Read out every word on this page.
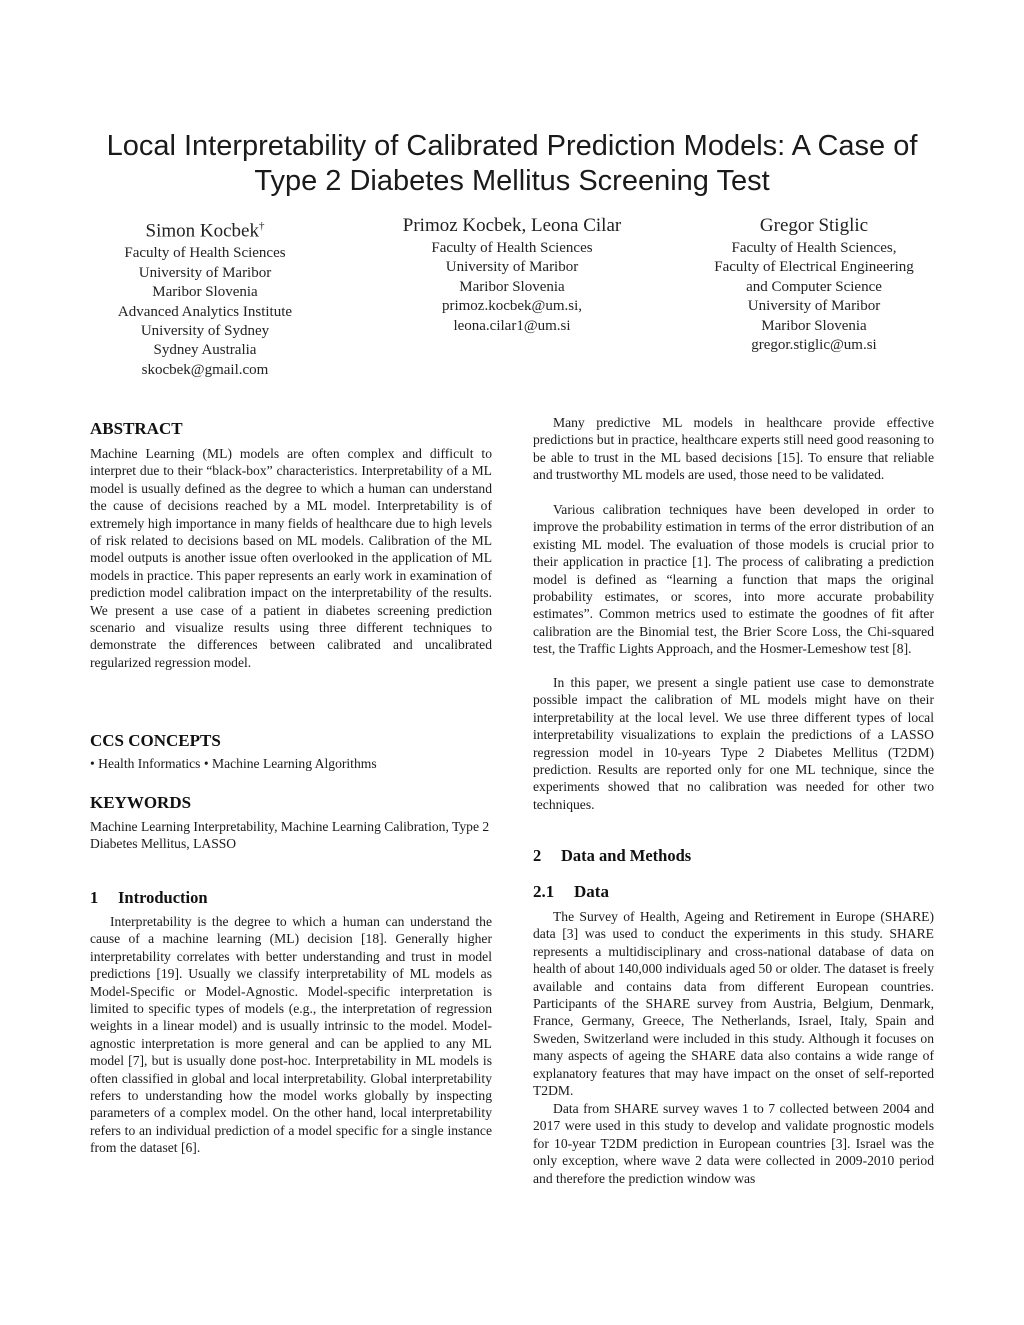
Local Interpretability of Calibrated Prediction Models: A Case of
Type 2 Diabetes Mellitus Screening Test
Simon Kocbek†
Faculty of Health Sciences
University of Maribor
Maribor Slovenia
Advanced Analytics Institute
University of Sydney
Sydney Australia
skocbek@gmail.com
Primoz Kocbek, Leona Cilar
Faculty of Health Sciences
University of Maribor
Maribor Slovenia
primoz.kocbek@um.si,
leona.cilar1@um.si
Gregor Stiglic
Faculty of Health Sciences,
Faculty of Electrical Engineering
and Computer Science
University of Maribor
Maribor Slovenia
gregor.stiglic@um.si
ABSTRACT

Machine Learning (ML) models are often complex and difficult to interpret due to their “black-box” characteristics. Interpretability of a ML model is usually defined as the degree to which a human can understand the cause of decisions reached by a ML model. Interpretability is of extremely high importance in many fields of healthcare due to high levels of risk related to decisions based on ML models. Calibration of the ML model outputs is another issue often overlooked in the application of ML models in practice. This paper represents an early work in examination of prediction model calibration impact on the interpretability of the results. We present a use case of a patient in diabetes screening prediction scenario and visualize results using three different techniques to demonstrate the differences between calibrated and uncalibrated regularized regression model.

CCS CONCEPTS

• Health Informatics • Machine Learning Algorithms

KEYWORDS

Machine Learning Interpretability, Machine Learning Calibration, Type 2 Diabetes Mellitus, LASSO

1 Introduction

Interpretability is the degree to which a human can understand the cause of a machine learning (ML) decision [18]. Generally higher interpretability correlates with better understanding and trust in model predictions [19]. Usually we classify interpretability of ML models as Model-Specific or Model-Agnostic. Model-specific interpretation is limited to specific types of models (e.g., the interpretation of regression weights in a linear model) and is usually intrinsic to the model. Model-agnostic interpretation is more general and can be applied to any ML model [7], but is usually done post-hoc. Interpretability in ML models is often classified in global and local interpretability. Global interpretability refers to understanding how the model works globally by inspecting parameters of a complex model. On the other hand, local interpretability refers to an individual prediction of a model specific for a single instance from the dataset [6].

Many predictive ML models in healthcare provide effective predictions but in practice, healthcare experts still need good reasoning to be able to trust in the ML based decisions [15]. To ensure that reliable and trustworthy ML models are used, those need to be validated.

Various calibration techniques have been developed in order to improve the probability estimation in terms of the error distribution of an existing ML model. The evaluation of those models is crucial prior to their application in practice [1]. The process of calibrating a prediction model is defined as “learning a function that maps the original probability estimates, or scores, into more accurate probability estimates”. Common metrics used to estimate the goodnes of fit after calibration are the Binomial test, the Brier Score Loss, the Chi-squared test, the Traffic Lights Approach, and the Hosmer-Lemeshow test [8].

In this paper, we present a single patient use case to demonstrate possible impact the calibration of ML models might have on their interpretability at the local level. We use three different types of local interpretability visualizations to explain the predictions of a LASSO regression model in 10-years Type 2 Diabetes Mellitus (T2DM) prediction. Results are reported only for one ML technique, since the experiments showed that no calibration was needed for other two techniques.

2 Data and Methods
2.1 Data

The Survey of Health, Ageing and Retirement in Europe (SHARE) data [3] was used to conduct the experiments in this study. SHARE represents a multidisciplinary and cross-national database of data on health of about 140,000 individuals aged 50 or older. The dataset is freely available and contains data from different European countries. Participants of the SHARE survey from Austria, Belgium, Denmark, France, Germany, Greece, The Netherlands, Israel, Italy, Spain and Sweden, Switzerland were included in this study. Although it focuses on many aspects of ageing the SHARE data also contains a wide range of explanatory features that may have impact on the onset of self-reported T2DM.

Data from SHARE survey waves 1 to 7 collected between 2004 and 2017 were used in this study to develop and validate prognostic models for 10-year T2DM prediction in European countries [3]. Israel was the only exception, where wave 2 data were collected in 2009-2010 period and therefore the prediction window was
